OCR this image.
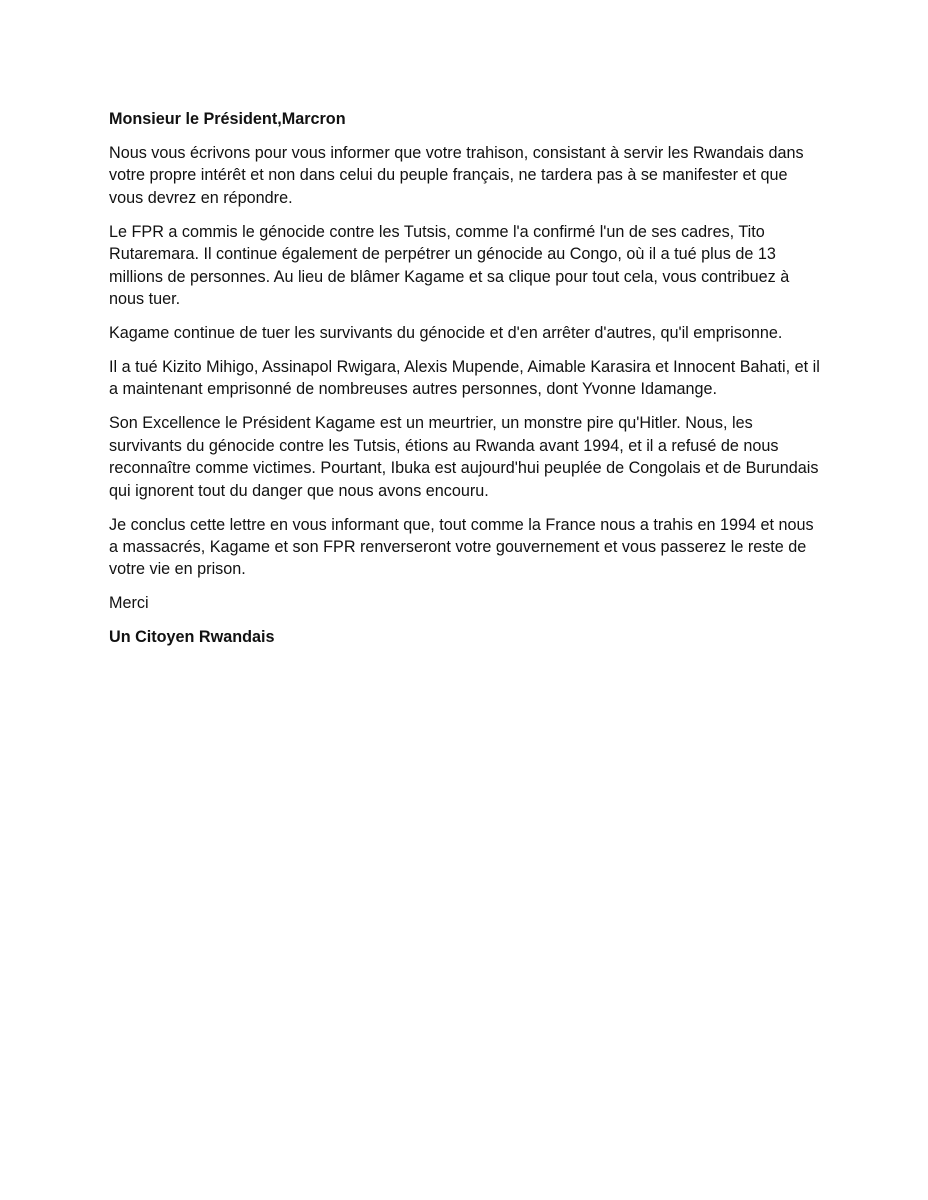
Monsieur le Président,Marcron

Nous vous écrivons pour vous informer que votre trahison, consistant à servir les Rwandais dans votre propre intérêt et non dans celui du peuple français, ne tardera pas à se manifester et que vous devrez en répondre.

Le FPR a commis le génocide contre les Tutsis, comme l'a confirmé l'un de ses cadres, Tito Rutaremara. Il continue également de perpétrer un génocide au Congo, où il a tué plus de 13 millions de personnes. Au lieu de blâmer Kagame et sa clique pour tout cela, vous contribuez à nous tuer.

Kagame continue de tuer les survivants du génocide et d'en arrêter d'autres, qu'il emprisonne.

Il a tué Kizito Mihigo, Assinapol Rwigara, Alexis Mupende, Aimable Karasira et Innocent Bahati, et il a maintenant emprisonné de nombreuses autres personnes, dont Yvonne Idamange.

Son Excellence le Président Kagame est un meurtrier, un monstre pire qu'Hitler. Nous, les survivants du génocide contre les Tutsis, étions au Rwanda avant 1994, et il a refusé de nous reconnaître comme victimes. Pourtant, Ibuka est aujourd'hui peuplée de Congolais et de Burundais qui ignorent tout du danger que nous avons encouru.

Je conclus cette lettre en vous informant que, tout comme la France nous a trahis en 1994 et nous a massacrés, Kagame et son FPR renverseront votre gouvernement et vous passerez le reste de votre vie en prison.

Merci

Un Citoyen Rwandais
